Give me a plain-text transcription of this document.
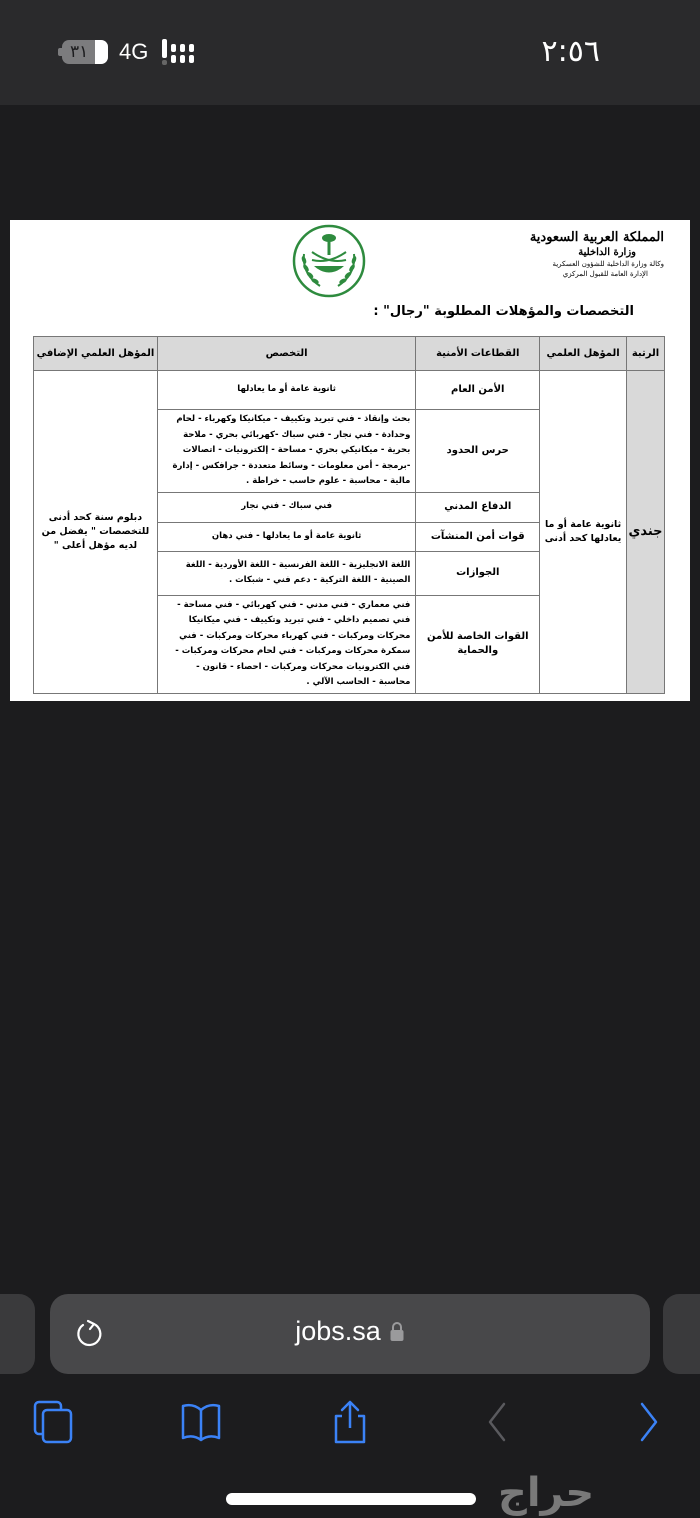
٣١ 4G	٢:٥٦
المملكة العربية السعودية
وزارة الداخلية
وكالة وزارة الداخلية للشؤون العسكرية
الإدارة العامة للقبول المركزي
التخصصات والمؤهلات المطلوبة "رجال" :
الرتبة	المؤهل العلمي	القطاعات الأمنية	التخصص	المؤهل العلمي الإضافي
جندي	ثانوية عامة أو ما يعادلها كحد أدنى	الأمن العام	ثانوية عامة أو ما يعادلها	دبلوم سنة كحد أدنى للتخصصات " يفضل من لديه مؤهل أعلى "
		حرس الحدود	بحث وإنقاذ - فني تبريد وتكييف - ميكانيكا وكهرباء - لحام وحدادة - فني نجار - فني سباك -كهربائي بحري - ملاحة بحرية - ميكانيكي بحري - مساحة - إلكترونيات - اتصالات -برمجة - أمن معلومات - وسائط متعددة - جرافكس - إدارة مالية - محاسبة - علوم حاسب - خراطة .	
		الدفاع المدني	فني سباك - فني نجار	
		قوات أمن المنشآت	ثانوية عامة أو ما يعادلها - فني دهان	
		الجوازات	اللغة الانجليزية - اللغة الفرنسية - اللغة الأوردية - اللغة الصينية - اللغة التركية - دعم فني - شبكات .	
		القوات الخاصة للأمن والحماية	فني معماري - فني مدني - فني كهربائي - فني مساحة - فني تصميم داخلي - فني تبريد وتكييف - فني ميكانيكا محركات ومركبات - فني كهرباء محركات ومركبات - فني سمكرة محركات ومركبات - فني لحام محركات ومركبات - فني الكترونيات محركات ومركبات - احصاء - قانون - محاسبة - الحاسب الآلي .	
jobs.sa
حراج
